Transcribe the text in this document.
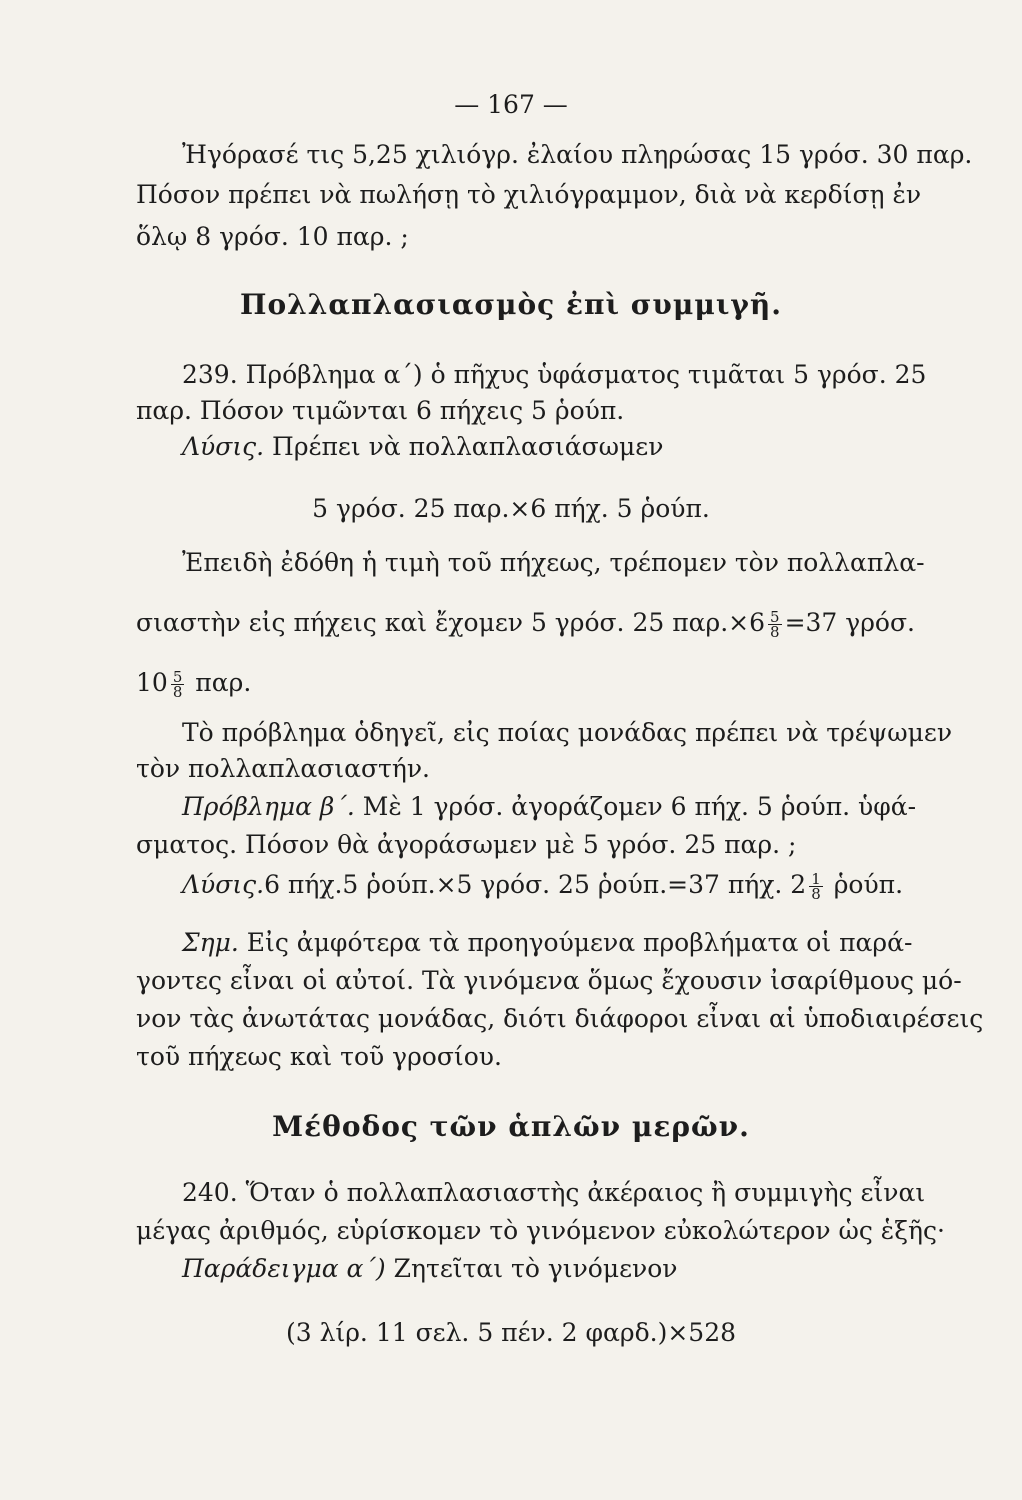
— 167 —
Ἠγόρασέ τις 5,25 χιλιόγρ. ἐλαίου πληρώσας 15 γρόσ. 30 παρ.
Πόσον πρέπει νὰ πωλήσῃ τὸ χιλιόγραμμον, διὰ νὰ κερδίσῃ ἐν
ὅλῳ 8 γρόσ. 10 παρ. ;
Πολλαπλασιασμὸς ἐπὶ συμμιγῆ.
239. Πρόβλημα α΄) ὁ πῆχυς ὑφάσματος τιμᾶται 5 γρόσ. 25
παρ. Πόσον τιμῶνται 6 πήχεις 5 ῥούπ.
Λύσις. Πρέπει νὰ πολλαπλασιάσωμεν
5 γρόσ. 25 παρ.×6 πήχ. 5 ῥούπ.
Ἐπειδὴ ἐδόθη ἡ τιμὴ τοῦ πήχεως, τρέπομεν τὸν πολλαπλα-
σιαστὴν εἰς πήχεις καὶ ἔχομεν 5 γρόσ. 25 $\pi\alpha\rho.\times 6 \frac{5}{8} =37$ γρόσ.
$10 \frac{5}{8} \pi\alpha\rho$.
Τὸ πρόβλημα ὁδηγεῖ, εἰς ποίας μονάδας πρέπει νὰ τρέψωμεν
τὸν πολλαπλασιαστήν.
Πρόβλημα β΄. Μὲ 1 γρόσ. ἀγοράζομεν 6 πήχ. 5 ῥούπ. ὑφά-
σματος. Πόσον θὰ ἀγοράσωμεν μὲ 5 γρόσ. 25 παρ. ;
Λύσις.6 πήχ.5 ῥούπ.×5 γρόσ. 25 ῥούπ.=37 πήχ. $2 \frac{1}{8}$ ῥούπ.
Σημ. Εἰς ἀμφότερα τὰ προηγούμενα προβλήματα οἱ παρά-
γοντες εἶναι οἱ αὐτοί. Τὰ γινόμενα ὅμως ἔχουσιν ἰσαρίθμους μό-
νον τὰς ἀνωτάτας μονάδας, διότι διάφοροι εἶναι αἱ ὑποδιαιρέσεις
τοῦ πήχεως καὶ τοῦ γροσίου.
Μέθοδος τῶν ἁπλῶν μερῶν.
240. Ὅταν ὁ πολλαπλασιαστὴς ἀκέραιος ἢ συμμιγὴς εἶναι
μέγας ἀριθμός, εὑρίσκομεν τὸ γινόμενον εὐκολώτερον ὡς ἑξῆς·
Παράδειγμα α΄) Ζητεῖται τὸ γινόμενον
(3 λίρ. 11 σελ. 5 πέν. 2 φαρδ.)×528
